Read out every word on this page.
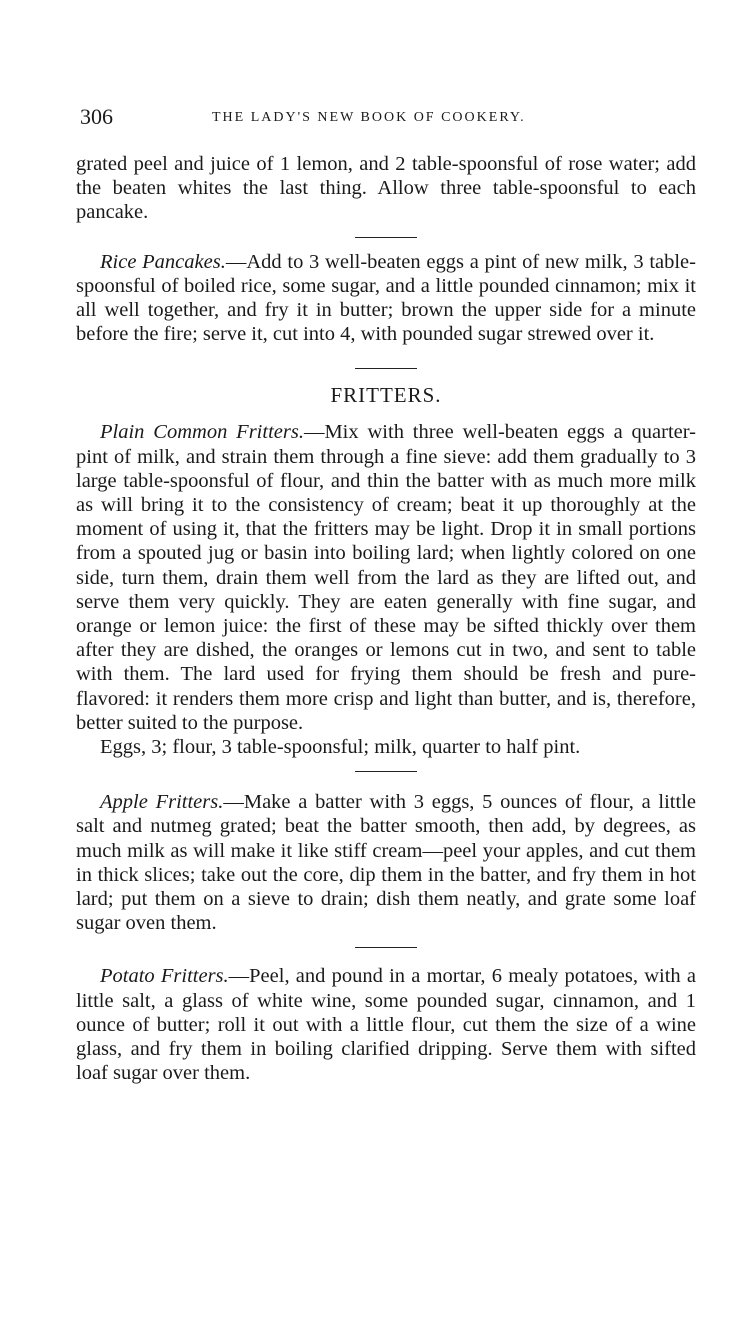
306	THE LADY'S NEW BOOK OF COOKERY.

grated peel and juice of 1 lemon, and 2 table-spoonsful of rose water; add the beaten whites the last thing. Allow three table-spoonsful to each pancake.

Rice Pancakes.—Add to 3 well-beaten eggs a pint of new milk, 3 table-spoonsful of boiled rice, some sugar, and a little pounded cinnamon; mix it all well together, and fry it in butter; brown the upper side for a minute before the fire; serve it, cut into 4, with pounded sugar strewed over it.

FRITTERS.

Plain Common Fritters.—Mix with three well-beaten eggs a quarter-pint of milk, and strain them through a fine sieve: add them gradually to 3 large table-spoonsful of flour, and thin the batter with as much more milk as will bring it to the consistency of cream; beat it up thoroughly at the moment of using it, that the fritters may be light. Drop it in small portions from a spouted jug or basin into boiling lard; when lightly colored on one side, turn them, drain them well from the lard as they are lifted out, and serve them very quickly. They are eaten generally with fine sugar, and orange or lemon juice: the first of these may be sifted thickly over them after they are dished, the oranges or lemons cut in two, and sent to table with them. The lard used for frying them should be fresh and pure-flavored: it renders them more crisp and light than butter, and is, therefore, better suited to the purpose.

Eggs, 3; flour, 3 table-spoonsful; milk, quarter to half pint.

Apple Fritters.—Make a batter with 3 eggs, 5 ounces of flour, a little salt and nutmeg grated; beat the batter smooth, then add, by degrees, as much milk as will make it like stiff cream—peel your apples, and cut them in thick slices; take out the core, dip them in the batter, and fry them in hot lard; put them on a sieve to drain; dish them neatly, and grate some loaf sugar oven them.

Potato Fritters.—Peel, and pound in a mortar, 6 mealy potatoes, with a little salt, a glass of white wine, some pounded sugar, cinnamon, and 1 ounce of butter; roll it out with a little flour, cut them the size of a wine glass, and fry them in boiling clarified dripping. Serve them with sifted loaf sugar over them.
